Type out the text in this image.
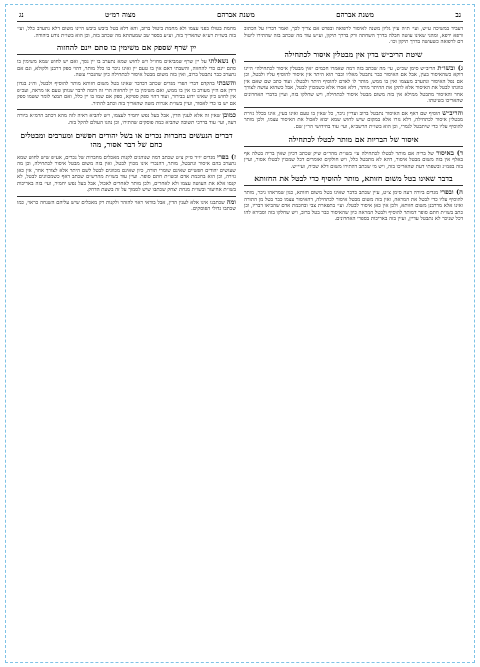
נב
משנת אברהם
משנת אברהם
מצוה רמ״ט
נג

דעביד במשיכה ע״ש, ועי׳ ת״ה עיין גליון משנה לאיסור לרפואה ובפרט אם צריך לכך, ואמר דבריו על הכתוב ורפא ירפא, ומהני שאינו עושה חבלה בדרך השחתה ורק בדרך תיקון, וע״ש עוד מה שכתב בזה שהתירו ליטול דם לרפואה כשעושה בדרך תיקון וכו׳.

שיטת הריב״ש בדין אין מבטלין איסור לכתחילה

ג) ובשו״ת הריב״ש סימן שכ״ט, עי׳ מה שכתב בזה דמה שאמרו חכמים ״אין מבטלין איסור לכתחילה״ היינו דוקא כשהאיסור בעין, אבל אם האיסור כבר נתבטל מאליו וכבר הוא היתר אין איסור להוסיף עליו ולבטל, וכן אם נפל האיסור ונתערב מעצמו ואין בו ממש, מותר לו לאדם להוסיף היתר ולבטלו. ועוד כתב שם שאם אין כוונתו לבטל את האיסור אלא לתקן את ההיתר מותר, דלא אסרו אלא כשמכוין לבטל, אבל כשהוא עושה לצורך אחר והאיסור מתבטל ממילא אין בזה משום מבטל איסור לכתחילה, ויש שחלקו בזה, ועיין בדברי האחרונים שהאריכו בשיטתו.

והריב״ש הוסיף שם דאף אם האיסור נתבטל ברוב ועדיין ניכר, כל שאין בו טעם ואינו בעין, אינו בכלל גזירת מבטלין איסור לכתחילה, דלא גזרו אלא במקום שיש לחוש שמא יבוא לאכול את האיסור עצמו, ולכן מותר להוסיף עליו כדי שיתבטל לגמרי, וכן הוא בשו״ת הרשב״א, ועי׳ עוד בחידושי הר״ן שם.

איסור של הבריות אם מותר לבטלו לכתחילה

ד) באיסור של בריה אם מותר לבטלו לכתחילה עי׳ בשו״ת מהר״ם שיק שכתב דכיון שאין בריה בטלה אף באלף אין בזה משום מבטל איסור, דהא לא מתבטל כלל, ויש חולקים ואומרים דכל שמכוין לבטלו אסור, ועיין בזה בפמ״ג ובשפתי דעת שהאריכו בזה, ויש מי שכתב דהתירו משום דלא שכיח, ועיי״ש.

בדבר שאינו בטל משום חזותא, מותר להוסיף כדי לבטל את החזותא

ה) ובפרי מגדים ביורה דעה סימן צ״ט, עיין שכתב בדבר שאינו בטל משום חזותא, כגון שמראהו ניכר, מותר להוסיף עליו כדי לבטל את המראה, ואין בזה משום מבטל איסור לכתחילה, דהאיסור עצמו כבר בטל מן התורה ואינו אלא מדרבנן משום חזותא, ולכן אין כאן איסור לבטלו. ועי׳ בתפארת צבי ובחכמת אדם שהביאו דבריו, וכן כתב בשו״ת חתם סופר דמותר להוסיף ולבטל המראה כיון שהאיסור כבר בטל ברוב, ויש שחלקו בזה וסבירא להו דכל שניכר לא נתבטל עדיין, ועיין בזה באריכות בספרי האחרונים.

מחמת בטולו בפני עצמו ולא מחמת ביטול ברוב, והא דלא בטל ביבש ביבש היינו משום דלא נתערב כלל, ועי׳ בזה בשו״ת רע״א שהאריך בזה, וע״ע בספר שב שמעתתא מה שכתב בזה, וכן הוא בשו״ת נודע ביהודה.

יין שרף שספק אם משימין בו סתם יינם להחזוה

ו) נשאלתי על יין שרף שמביאים מחו״ל ויש לחוש שמא נתערב בו יין נסך, ואם יש לחוש שמא משימין בו סתם יינם כדי להחזוה, והשבתי דאם אין בו טעם יין ואינו ניכר בו כלל מותר, דהוי ספק דרבנן ולקולא, וגם אם נתערב כבר נתבטל ברוב, ואין בזה משום מבטל איסור לכתחילה כיון שהנכרי עשה.

והשבתי בהקדם דברי הפרי מגדים שכתב דבדבר שאינו בטל משום חזותא מותר להוסיף ולבטל, וה״נ בנדון דידן אם היין מעורב בו אין בו ממש, ואם משימין בו יין להחזוה הרי זה דומה לדבר שנותן טעם או מראה, ועכ״פ אין לחוש כיון שאינו ידוע בבירור, ועוד דהוי ספק ספיקא, ספק אם שמו בו יין כלל, ואם תמצי לומר ששמו ספק אם יש בו כדי לאסור, ועיין בשו״ת אגרות משה שהאריך בזה וכתב להתיר.

כמובן שאין זה אלא לענין הדין, אבל בעל נפש יחמיר לעצמו, ויש להביא ראיה לזה מהא דכתב הרמ״א ביורה דעה, ועי׳ עוד בדרכי תשובה שהביא כמה פוסקים שהתירו, וכן נהגו העולם להקל בזה.

דברים הנעשים בחברות נכרים או בשל יהודים חפשים ומערבים ומבטלים כחם של דבר אסור, מהו

ז) בפרי מגדים יו״ד ס״ק צ״ט שכתב דמה שנוהגים לקנות מאכלים מחברות של נכרים, אע״פ שיש לחוש שמא נתערב בהם איסור ונתבטל, מותר, דהנכרי אינו מכוין לבטל, ואין בזה משום מבטל איסור לכתחילה, וכן מה שעושים יהודים חפשיים שאינם שומרי תורה, כיון שאינם מכוונים לבטל לשם היתר אלא לצורך אחר, אין כאן גזירה, וכן הוא בחכמת אדם ובשו״ת חתם סופר. ועיין עוד בשו״ת מהרש״ם שכתב דאף כשמכוונים לבטל, לא קנסו אלא את העושה עצמו ולא לאחרים, ולכן מותר לאחרים לאכול, אבל בעל נפש יחמיר, ועי׳ בזה באריכות בשו״ת אחיעזר ובשו״ת מנחת יצחק שכתבו שיש לסמוך על זה בשעת הדחק.

ומה שכתבנו אינו אלא לענין הדין, אבל בודאי ראוי להזהר ולקנות רק מאכלים שיש עליהם השגחה כראוי, כמו שכתבו גדולי הפוסקים.
